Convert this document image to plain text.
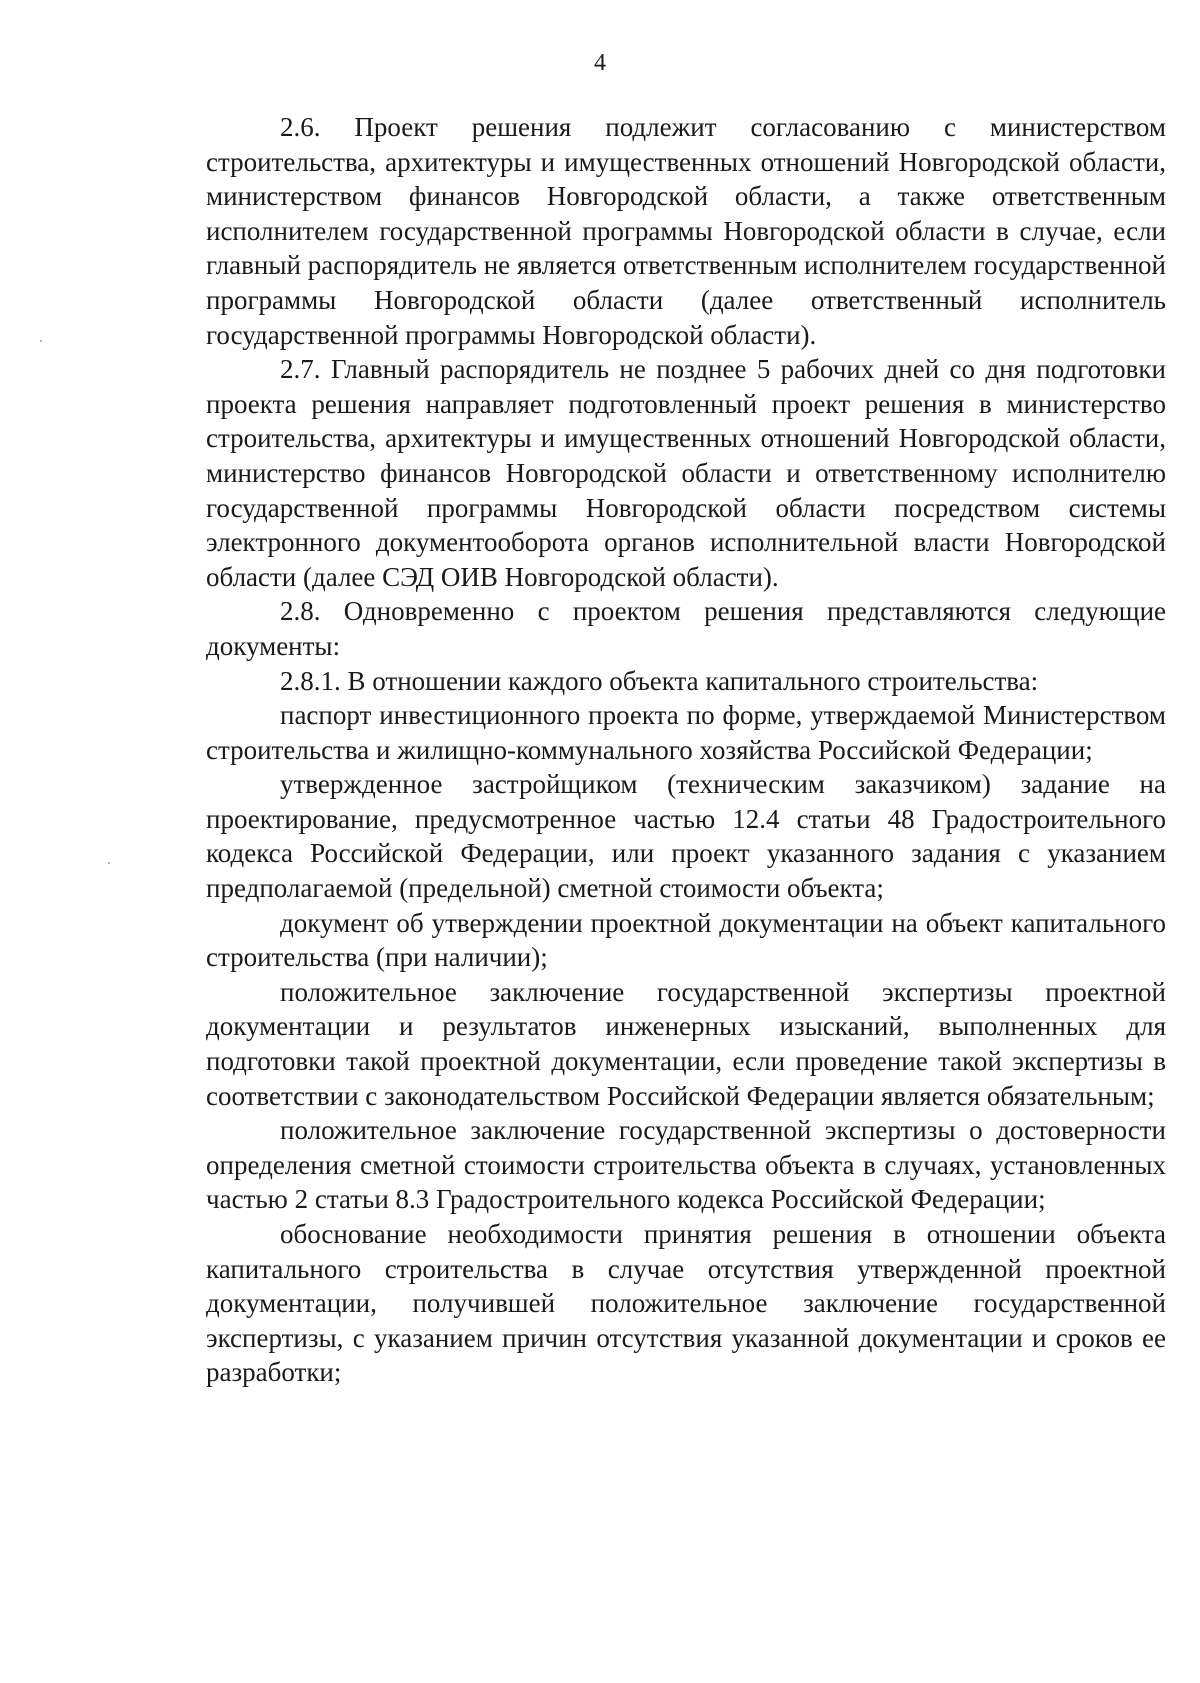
4

2.6. Проект решения подлежит согласованию с министерством строительства, архитектуры и имущественных отношений Новгородской области, министерством финансов Новгородской области, а также ответственным исполнителем государственной программы Новгородской области в случае, если главный распорядитель не является ответственным исполнителем государственной программы Новгородской области (далее ответственный исполнитель государственной программы Новгородской области).

2.7. Главный распорядитель не позднее 5 рабочих дней со дня подготовки проекта решения направляет подготовленный проект решения в министерство строительства, архитектуры и имущественных отношений Новгородской области, министерство финансов Новгородской области и ответственному исполнителю государственной программы Новгородской области посредством системы электронного документооборота органов исполнительной власти Новгородской области (далее СЭД ОИВ Новгородской области).

2.8. Одновременно с проектом решения представляются следующие документы:

2.8.1. В отношении каждого объекта капитального строительства:

паспорт инвестиционного проекта по форме, утверждаемой Министерством строительства и жилищно-коммунального хозяйства Российской Федерации;

утвержденное застройщиком (техническим заказчиком) задание на проектирование, предусмотренное частью 12.4 статьи 48 Градостроительного кодекса Российской Федерации, или проект указанного задания с указанием предполагаемой (предельной) сметной стоимости объекта;

документ об утверждении проектной документации на объект капитального строительства (при наличии);

положительное заключение государственной экспертизы проектной документации и результатов инженерных изысканий, выполненных для подготовки такой проектной документации, если проведение такой экспертизы в соответствии с законодательством Российской Федерации является обязательным;

положительное заключение государственной экспертизы о достоверности определения сметной стоимости строительства объекта в случаях, установленных частью 2 статьи 8.3 Градостроительного кодекса Российской Федерации;

обоснование необходимости принятия решения в отношении объекта капитального строительства в случае отсутствия утвержденной проектной документации, получившей положительное заключение государственной экспертизы, с указанием причин отсутствия указанной документации и сроков ее разработки;
